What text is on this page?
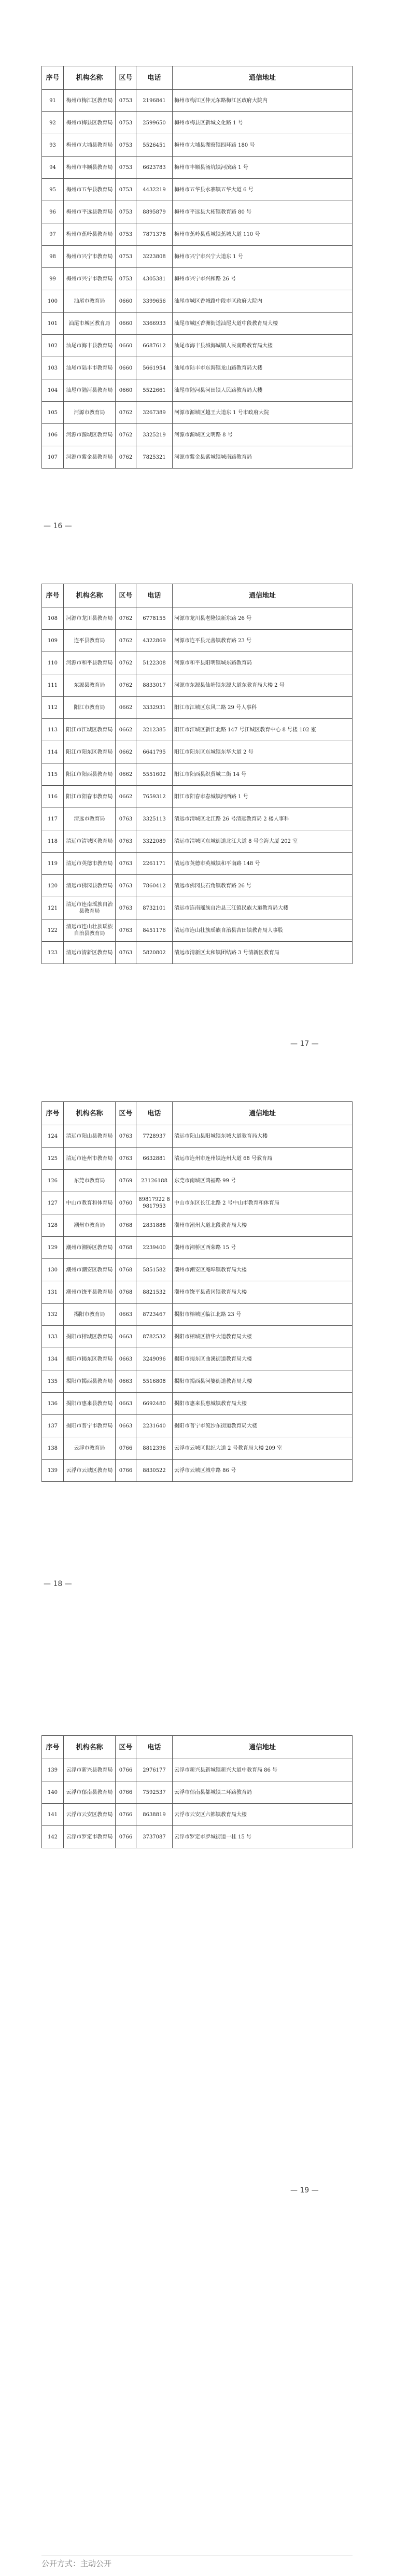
序号	机构名称	区号	电话	通信地址
91	梅州市梅江区教育局	0753	2196841	梅州市梅江区仲元东路梅江区政府大院内
92	梅州市梅县区教育局	0753	2599650	梅州市梅县区新城文化路 1 号
93	梅州市大埔县教育局	0753	5526451	梅州市大埔县湖寮镇四环路 180 号
94	梅州市丰顺县教育局	0753	6623783	梅州市丰顺县汤坑镇河滨路 1 号
95	梅州市五华县教育局	0753	4432219	梅州市五华县水寨镇五华大道 6 号
96	梅州市平远县教育局	0753	8895879	梅州市平远县大柘镇教育路 80 号
97	梅州市蕉岭县教育局	0753	7871378	梅州市蕉岭县蕉城镇蕉城大道 110 号
98	梅州市兴宁市教育局	0753	3223808	梅州市兴宁市兴宁大道东 1 号
99	梅州市兴宁市教育局	0753	4305381	梅州市兴宁市兴和路 26 号
100	汕尾市教育局	0660	3399656	汕尾市城区香城路中段市区政府大院内
101	汕尾市城区教育局	0660	3366933	汕尾市城区香洲街道汕尾大道中段教育局大楼
102	汕尾市海丰县教育局	0660	6687612	汕尾市海丰县城海城镇人民南路教育局大楼
103	汕尾市陆丰市教育局	0660	5661954	汕尾市陆丰市东海镇龙山路教育局大楼
104	汕尾市陆河县教育局	0660	5522661	汕尾市陆河县河田镇人民路教育局大楼
105	河源市教育局	0762	3267389	河源市源城区越王大道东 1 号市政府大院
106	河源市源城区教育局	0762	3325219	河源市源城区文明路 8 号
107	河源市紫金县教育局	0762	7825321	河源市紫金县紫城镇城南路教育局
— 16 —
序号	机构名称	区号	电话	通信地址
108	河源市龙川县教育局	0762	6778155	河源市龙川县老隆镇新东路 26 号
109	连平县教育局	0762	4322869	河源市连平县元善镇教育路 23 号
110	河源市和平县教育局	0762	5122308	河源市和平县阳明镇城东路教育局
111	东源县教育局	0762	8833017	河源市东源县仙塘镇东源大道东教育局大楼 2 号
112	阳江市教育局	0662	3332931	阳江市江城区东风二路 29 号人事科
113	阳江市江城区教育局	0662	3212385	阳江市江城区新江北路 147 号江城区教育中心 8 号楼 102 室
114	阳江市阳东区教育局	0662	6641795	阳江市阳东区东城镇东华大道 2 号
115	阳江市阳西县教育局	0662	5551602	阳江市阳西县织贸城二街 14 号
116	阳江市阳春市教育局	0662	7659312	阳江市阳春市春城镇河西路 1 号
117	清远市教育局	0763	3325113	清远市清城区北江路 26 号清远教育局 2 楼人事科
118	清远市清城区教育局	0763	3322089	清远市清城区东城街道北江大道 8 号金海大厦 202 室
119	清远市英德市教育局	0763	2261171	清远市英德市英城镇和平南路 148 号
120	清远市佛冈县教育局	0763	7860412	清远市佛冈县石角镇教育路 26 号
121	清远市连南瑶族自治县教育局	0763	8732101	清远市连南瑶族自治县三江镇民族大道教育局大楼
122	清远市连山壮族瑶族自治县教育局	0763	8451176	清远市连山壮族瑶族自治县吉田镇教育局人事股
123	清远市清新区教育局	0763	5820802	清远市清新区太和镇团结路 3 号清新区教育局
— 17 —
序号	机构名称	区号	电话	通信地址
124	清远市阳山县教育局	0763	7728937	清远市阳山县阳城镇东城大道教育局大楼
125	清远市连州市教育局	0763	6632881	清远市连州市连州镇连州大道 68 号教育局
126	东莞市教育局	0769	23126188	东莞市南城区鸿福路 99 号
127	中山市教育和体育局	0760	89817922 89817953	中山市东区长江北路 2 号中山市教育和体育局
128	潮州市教育局	0768	2831888	潮州市潮州大道北段教育局大楼
129	潮州市湘桥区教育局	0768	2239400	潮州市湘桥区西荣路 15 号
130	潮州市潮安区教育局	0768	5851582	潮州市潮安区庵埠镇教育局大楼
131	潮州市饶平县教育局	0768	8821532	潮州市饶平县黄冈镇教育局大楼
132	揭阳市教育局	0663	8723467	揭阳市榕城区临江北路 23 号
133	揭阳市榕城区教育局	0663	8782532	揭阳市榕城区榕华大道教育局大楼
134	揭阳市揭东区教育局	0663	3249096	揭阳市揭东区曲溪街道教育局大楼
135	揭阳市揭西县教育局	0663	5516808	揭阳市揭西县河婆街道教育局大楼
136	揭阳市惠来县教育局	0663	6692480	揭阳市惠来县惠城镇教育局大楼
137	揭阳市普宁市教育局	0663	2231640	揭阳市普宁市流沙东街道教育局大楼
138	云浮市教育局	0766	8812396	云浮市云城区世纪大道 2 号教育局大楼 209 室
139	云浮市云城区教育局	0766	8830522	云浮市云城区城中路 86 号
— 18 —
序号	机构名称	区号	电话	通信地址
139	云浮市新兴县教育局	0766	2976177	云浮市新兴县新城镇新兴大道中教育局 86 号
140	云浮市郁南县教育局	0766	7592537	云浮市郁南县都城镇二环路教育局
141	云浮市云安区教育局	0766	8638819	云浮市云安区六都镇教育局大楼
142	云浮市罗定市教育局	0766	3737087	云浮市罗定市罗城街道一桂 15 号
— 19 —
公开方式：主动公开
